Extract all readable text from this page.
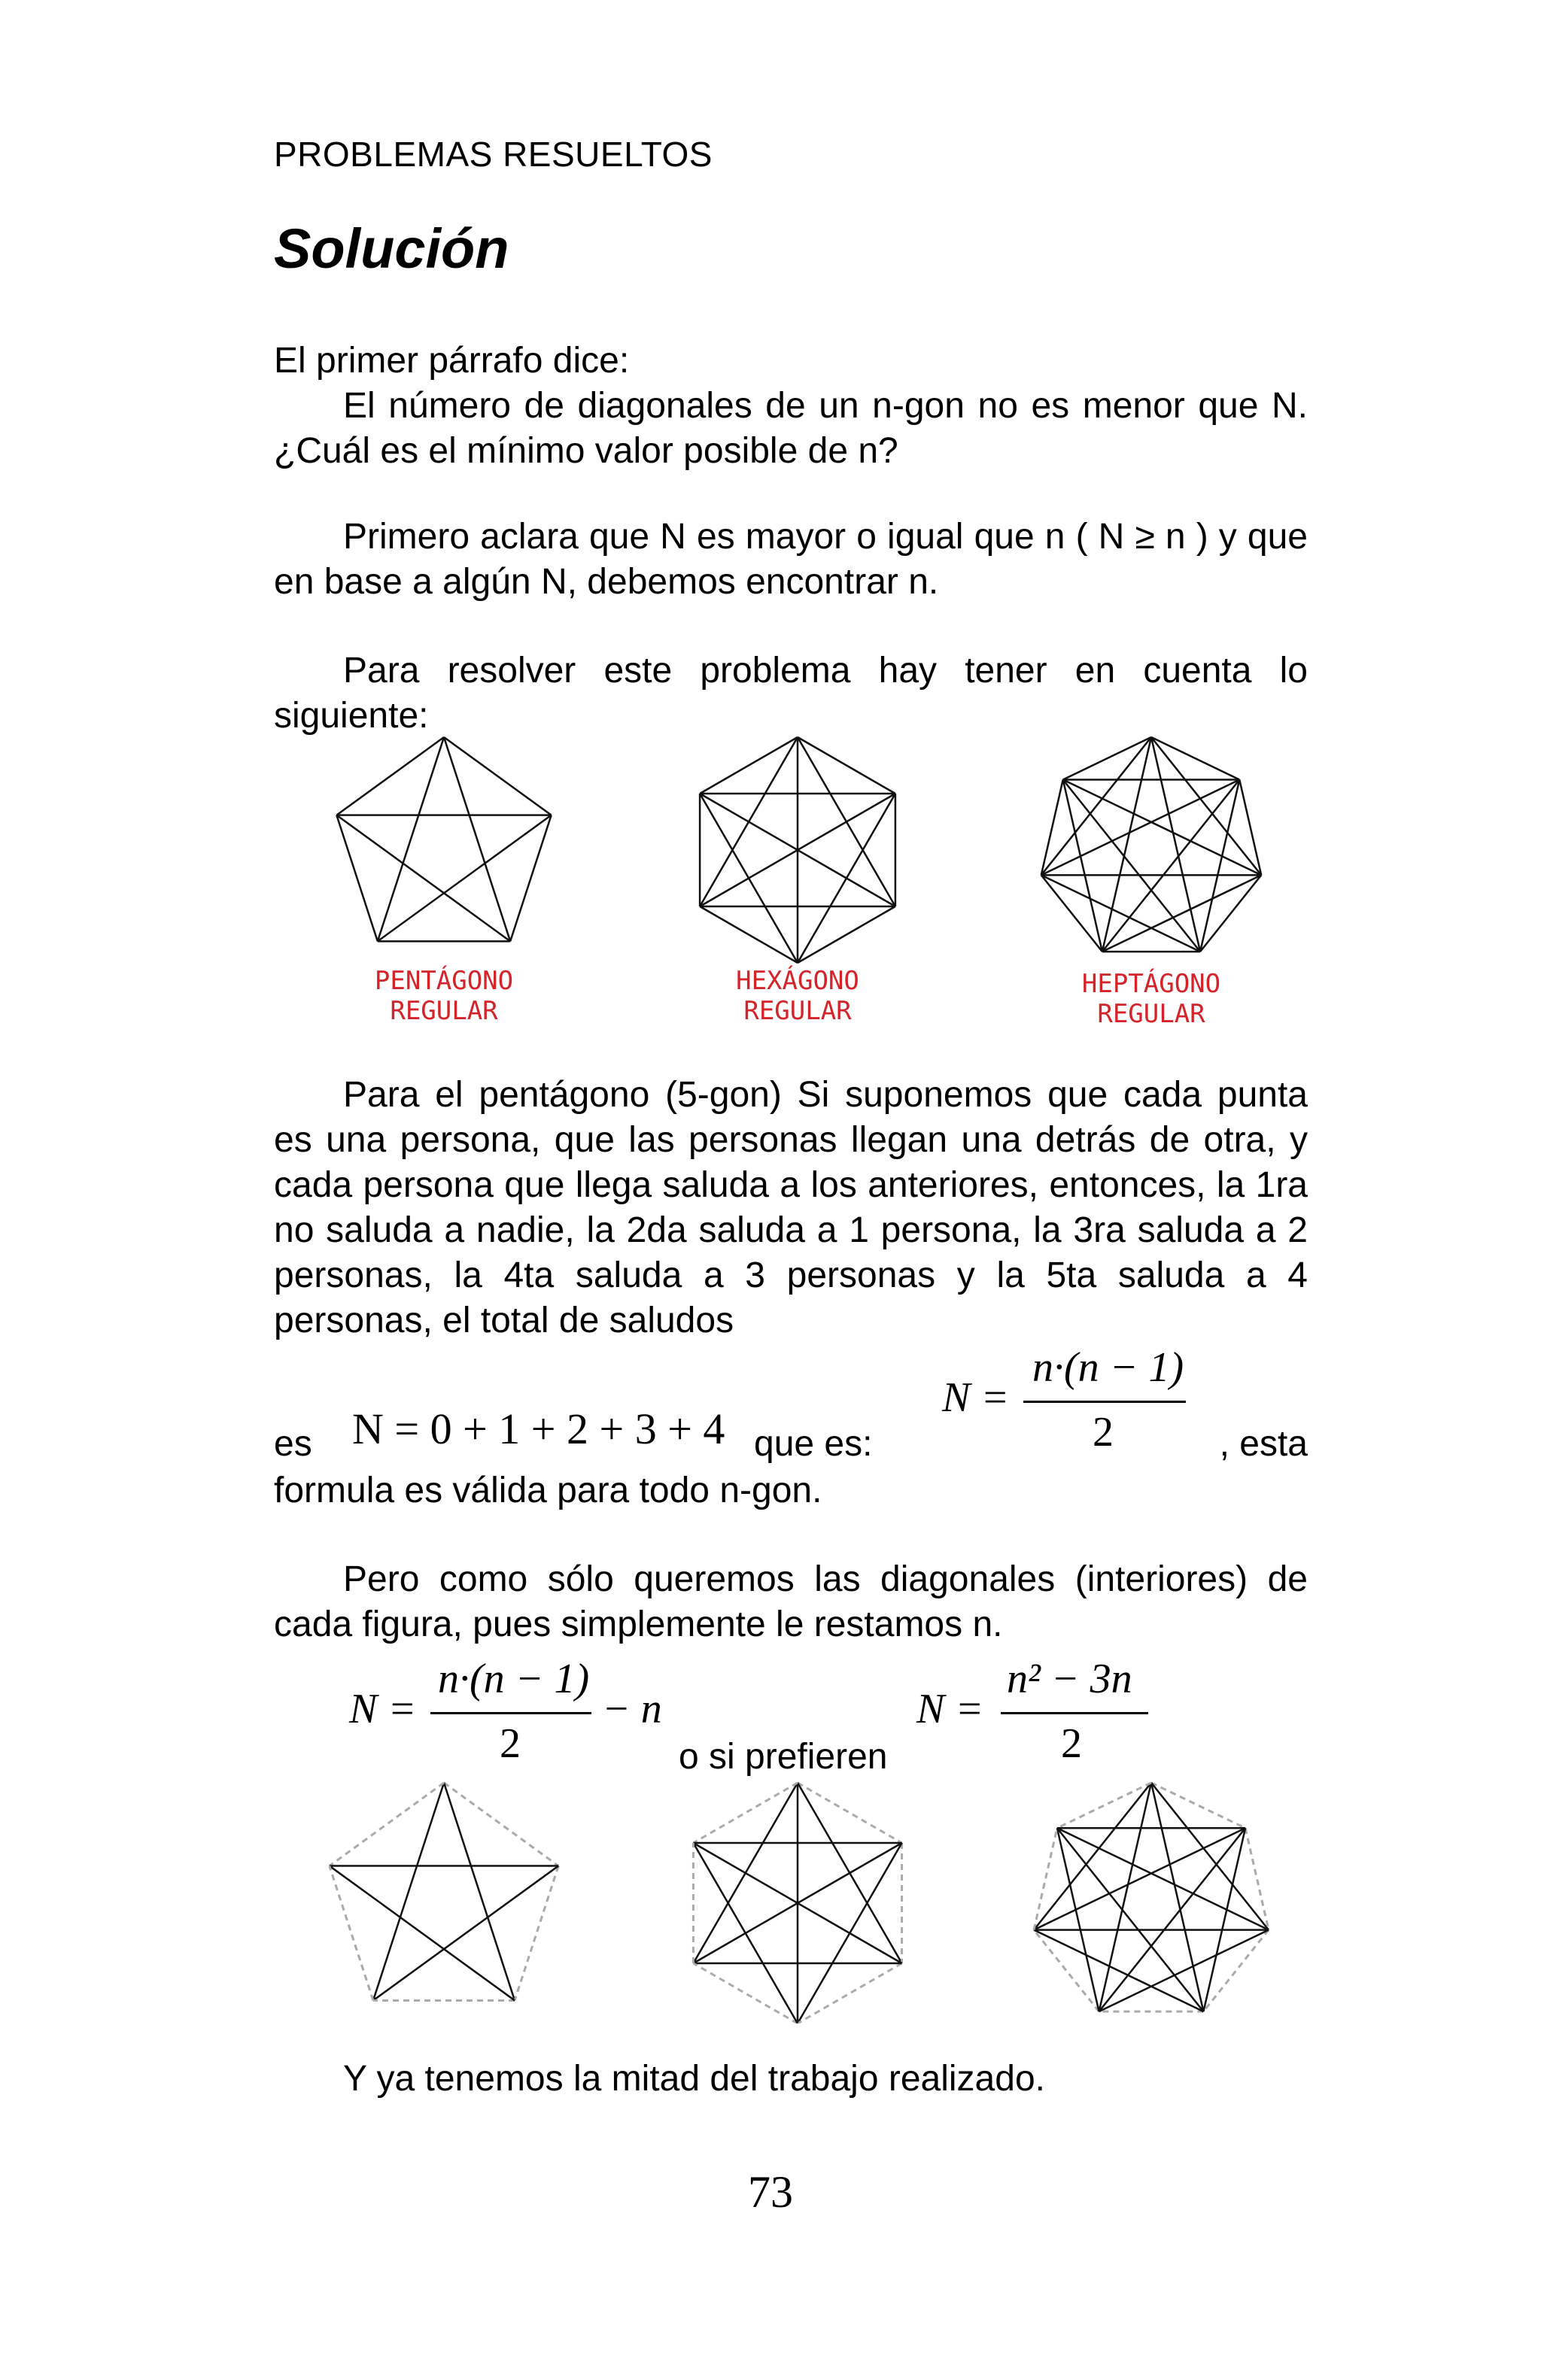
PROBLEMAS RESUELTOS
Solución
El primer párrafo dice:
El número de diagonales de un n-gon no es menor que N. ¿Cuál es el mínimo valor posible de n?
Primero aclara que N es mayor o igual que n ( N ≥ n ) y que en base a algún N, debemos encontrar n.
Para resolver este problema hay tener en cuenta lo siguiente:
PENTÁGONO
REGULAR
HEXÁGONO
REGULAR
HEPTÁGONO
REGULAR
Para el pentágono (5-gon) Si suponemos que cada punta es una persona, que las personas llegan una detrás de otra, y cada persona que llega saluda a los anteriores, entonces, la 1ra no saluda a nadie, la 2da saluda a 1 persona, la 3ra saluda a 2 personas, la 4ta saluda a 3 personas y la 5ta saluda a 4 personas, el total de saludos
es N = 0 + 1 + 2 + 3 + 4 que es:
N =
n·(n − 1)
2	, esta
formula es válida para todo n-gon.
Pero como sólo queremos las diagonales (interiores) de cada figura, pues simplemente le restamos n.
N =
n·(n − 1)
2
− n
o si prefieren
N =
n² − 3n
2
Y ya tenemos la mitad del trabajo realizado.
73
